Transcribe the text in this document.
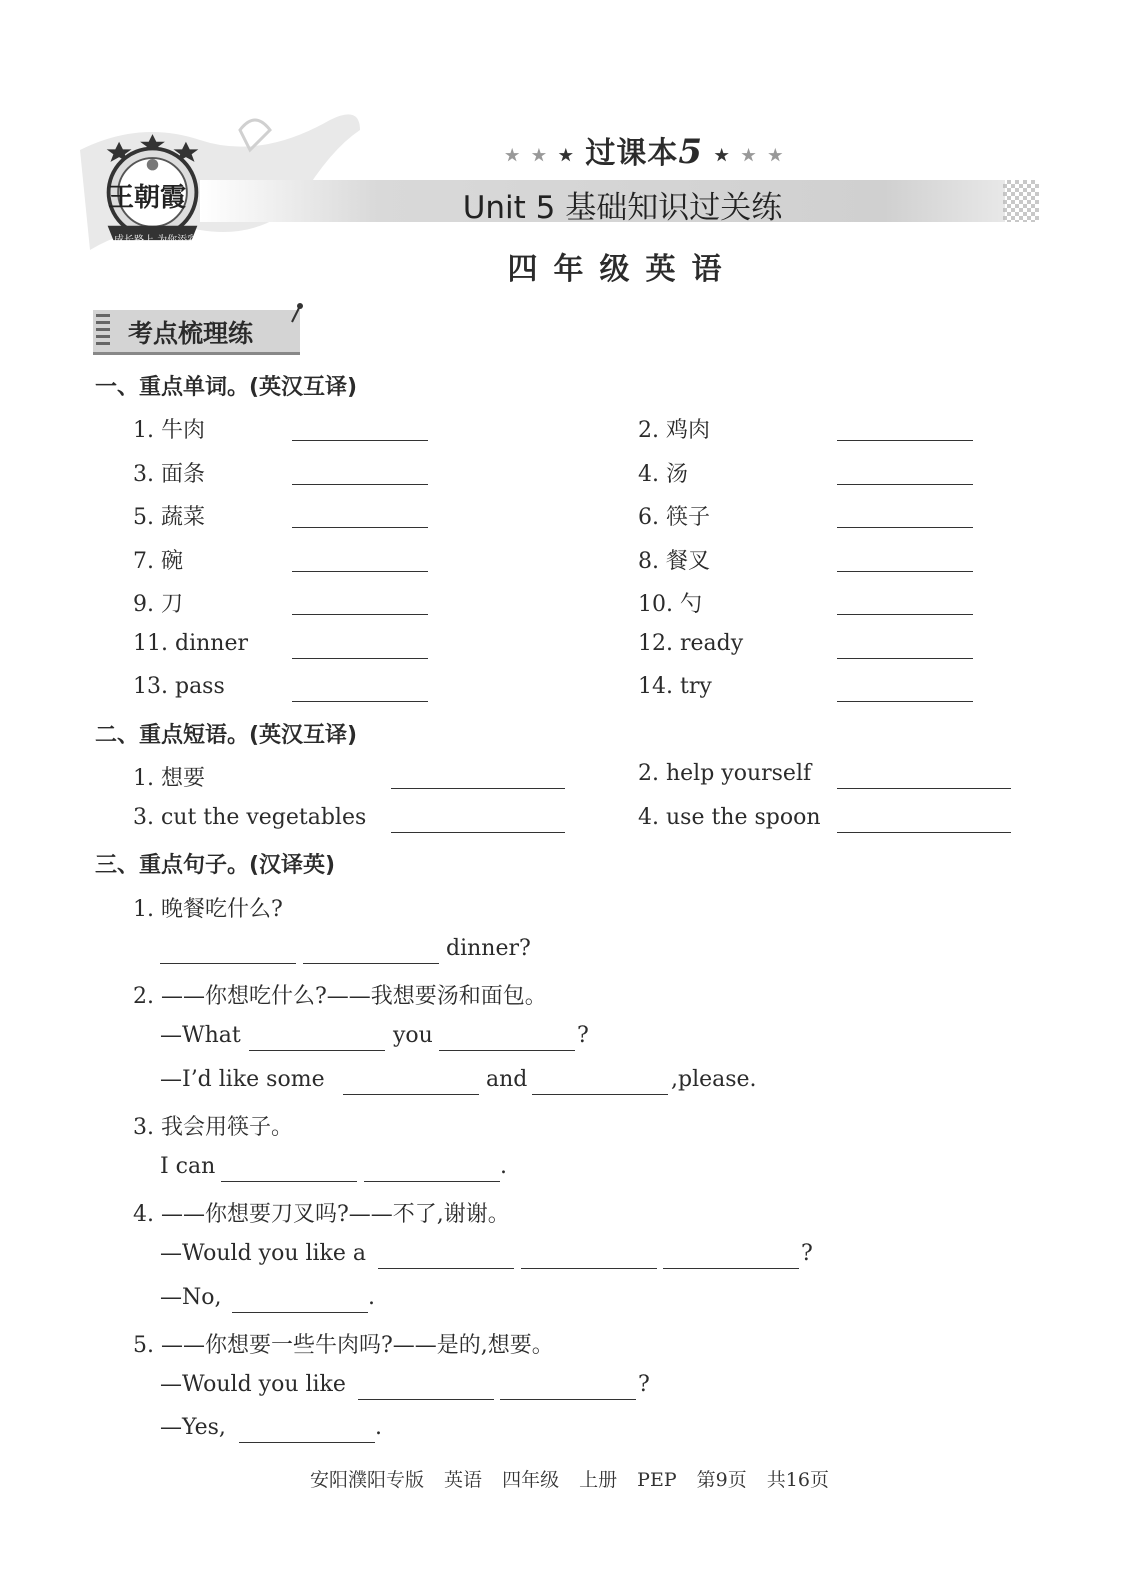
王朝霞
成长路上 为你添彩
★ ★ ★ 过课本5 ★ ★ ★
Unit 5 基础知识过关练
四年级英语
考点梳理练
一、重点单词。(英汉互译)
1. 牛肉	2. 鸡肉
3. 面条	4. 汤
5. 蔬菜	6. 筷子
7. 碗	8. 餐叉
9. 刀	10. 勺
11. dinner	12. ready
13. pass	14. try
二、重点短语。(英汉互译)
1. 想要	2. help yourself
3. cut the vegetables	4. use the spoon
三、重点句子。(汉译英)
1. 晚餐吃什么?
dinner?
2. ——你想吃什么?——我想要汤和面包。
—What	you	?
—I’d like some	and	,please.
3. 我会用筷子。
I can	.
4. ——你想要刀叉吗?——不了,谢谢。
—Would you like a	?
—No,	.
5. ——你想要一些牛肉吗?——是的,想要。
—Would you like	?
—Yes,	.
安阳濮阳专版 英语 四年级 上册 PEP 第9页 共16页
